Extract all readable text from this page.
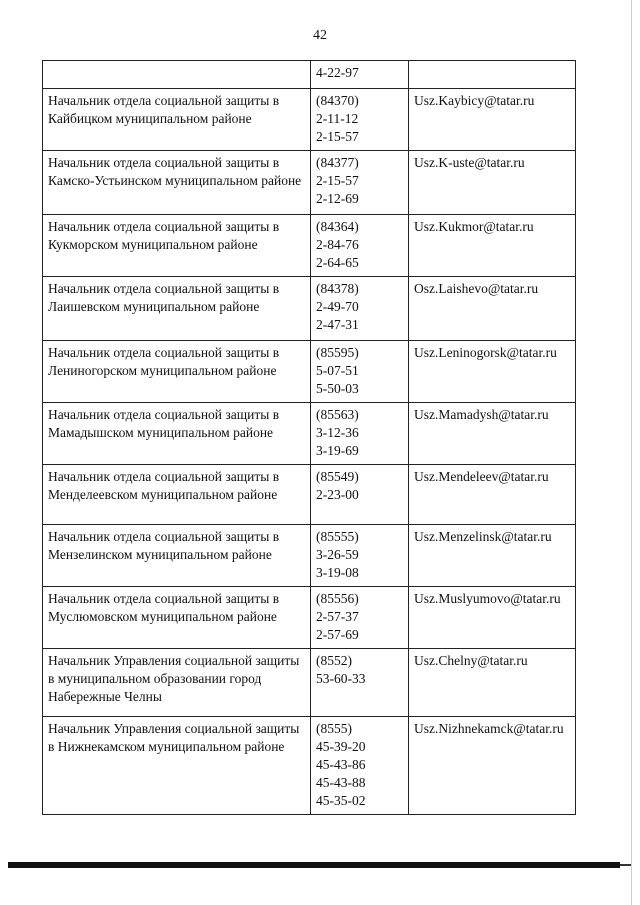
42

	4-22-97	

Начальник отдела социальной защиты в Кайбицком муниципальном районе	(84370)
2-11-12
2-15-57	Usz.Kaybicy@tatar.ru
Начальник отдела социальной защиты в Камско-Устьинском муниципальном районе	(84377)
2-15-57
2-12-69	Usz.K-uste@tatar.ru
Начальник отдела социальной защиты в Кукморском муниципальном районе	(84364)
2-84-76
2-64-65	Usz.Kukmor@tatar.ru
Начальник отдела социальной защиты в Лаишевском муниципальном районе	(84378)
2-49-70
2-47-31	Osz.Laishevo@tatar.ru
Начальник отдела социальной защиты в Лениногорском муниципальном районе	(85595)
5-07-51
5-50-03	Usz.Leninogorsk@tatar.ru
Начальник отдела социальной защиты в Мамадышском муниципальном районе	(85563)
3-12-36
3-19-69	Usz.Mamadysh@tatar.ru
Начальник отдела социальной защиты в Менделеевском муниципальном районе	(85549)
2-23-00	Usz.Mendeleev@tatar.ru
Начальник отдела социальной защиты в Мензелинском муниципальном районе	(85555)
3-26-59
3-19-08	Usz.Menzelinsk@tatar.ru
Начальник отдела социальной защиты в Муслюмовском муниципальном районе	(85556)
2-57-37
2-57-69	Usz.Muslyumovo@tatar.ru
Начальник Управления социальной защиты в муниципальном образовании город Набережные Челны	(8552)
53-60-33	Usz.Chelny@tatar.ru
Начальник Управления социальной защиты в Нижнекамском муниципальном районе	(8555)
45-39-20
45-43-86
45-43-88
45-35-02	Usz.Nizhnekamck@tatar.ru
